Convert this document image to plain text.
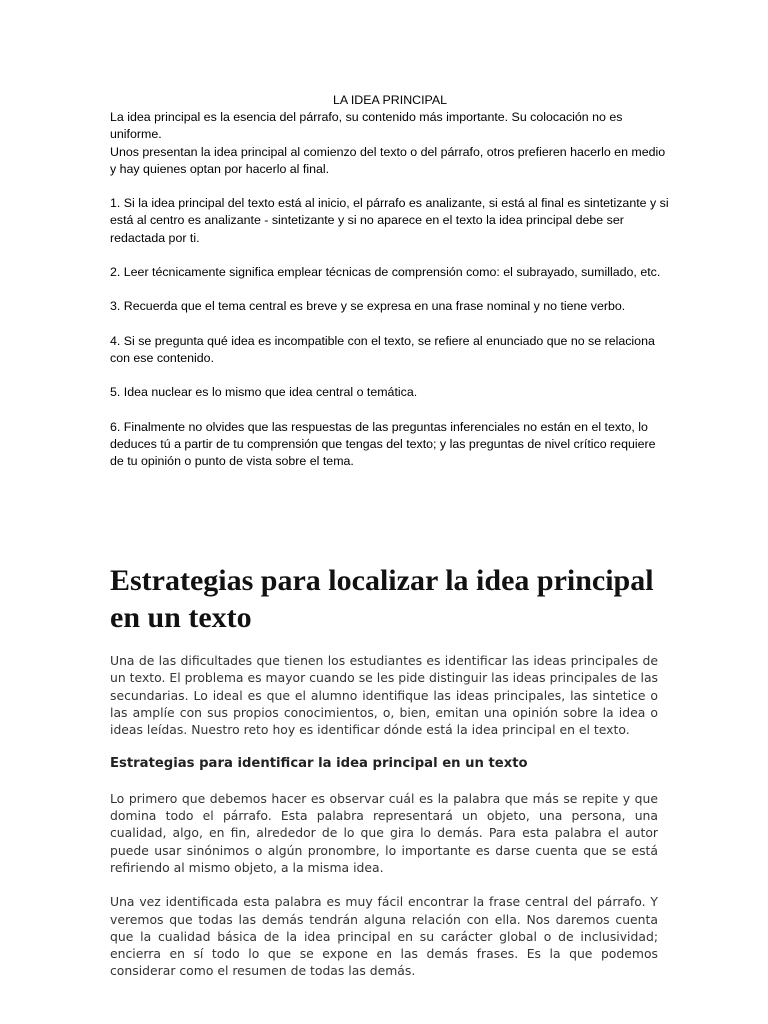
LA IDEA PRINCIPAL

La idea principal es la esencia del párrafo, su contenido más importante. Su colocación no es uniforme.

Unos presentan la idea principal al comienzo del texto o del párrafo, otros prefieren hacerlo en medio y hay quienes optan por hacerlo al final.

1. Si la idea principal del texto está al inicio, el párrafo es analizante, si está al final es sintetizante y si está al centro es analizante - sintetizante y si no aparece en el texto la idea principal debe ser redactada por ti.

2. Leer técnicamente significa emplear técnicas de comprensión como: el subrayado, sumillado, etc.

3. Recuerda que el tema central es breve y se expresa en una frase nominal y no tiene verbo.

4. Si se pregunta qué idea es incompatible con el texto, se refiere al enunciado que no se relaciona con ese contenido.

5. Idea nuclear es lo mismo que idea central o temática.

6. Finalmente no olvides que las respuestas de las preguntas inferenciales no están en el texto, lo deduces tú a partir de tu comprensión que tengas del texto; y las preguntas de nivel crítico requiere de tu opinión o punto de vista sobre el tema.

Estrategias para localizar la idea principal en un texto

Una de las dificultades que tienen los estudiantes es identificar las ideas principales de un texto. El problema es mayor cuando se les pide distinguir las ideas principales de las secundarias. Lo ideal es que el alumno identifique las ideas principales, las sintetice o las amplíe con sus propios conocimientos, o, bien, emitan una opinión sobre la idea o ideas leídas. Nuestro reto hoy es identificar dónde está la idea principal en el texto.

Estrategias para identificar la idea principal en un texto

Lo primero que debemos hacer es observar cuál es la palabra que más se repite y que domina todo el párrafo. Esta palabra representará un objeto, una persona, una cualidad, algo, en fin, alrededor de lo que gira lo demás. Para esta palabra el autor puede usar sinónimos o algún pronombre, lo importante es darse cuenta que se está refiriendo al mismo objeto, a la misma idea.

Una vez identificada esta palabra es muy fácil encontrar la frase central del párrafo. Y veremos que todas las demás tendrán alguna relación con ella. Nos daremos cuenta que la cualidad básica de la idea principal en su carácter global o de inclusividad; encierra en sí todo lo que se expone en las demás frases. Es la que podemos considerar como el resumen de todas las demás.
